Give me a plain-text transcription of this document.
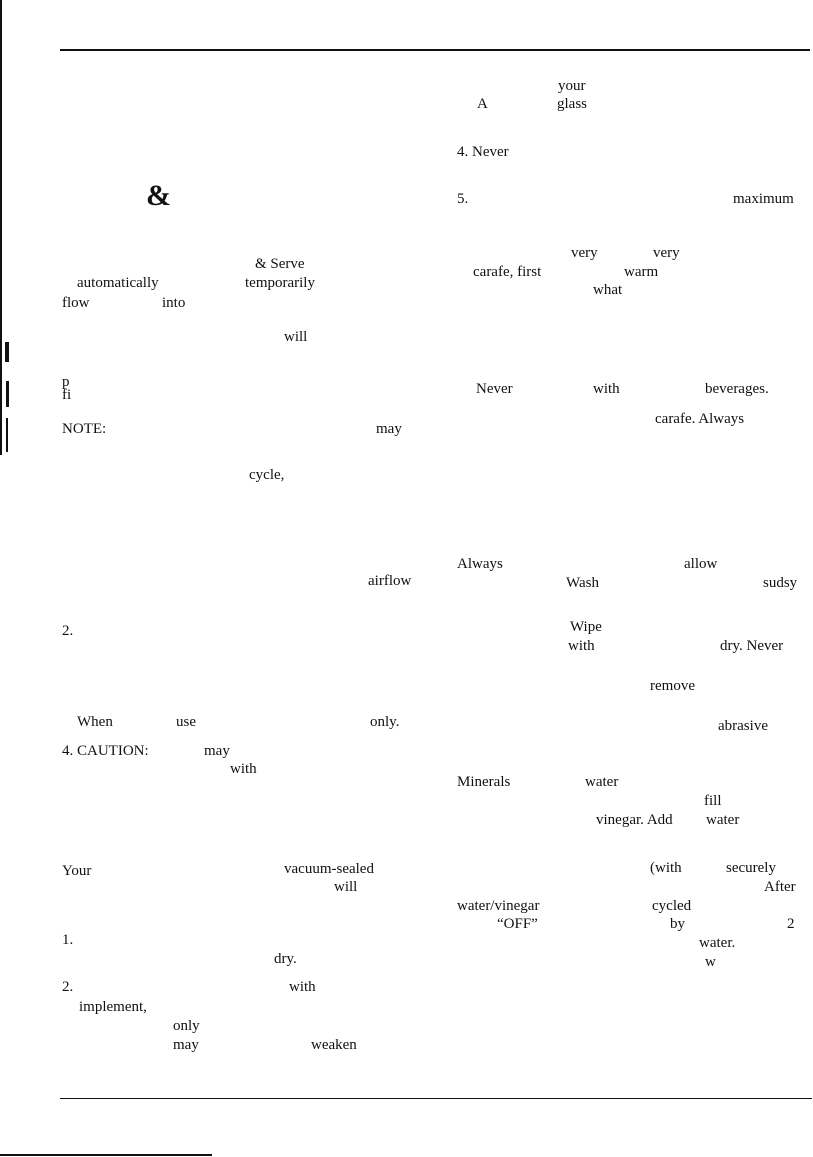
&
& Serve
automatically	temporarily
flow	into
will
p
fi
NOTE:	may
cycle,
airflow
2.
When	use	only.
4. CAUTION:	may
with
Your	vacuum-sealed
will
1.
dry.
2.	with
implement,
only
may	weaken
your
A	glass
4. Never
5.	maximum
very	very
carafe, first	warm
what
Never	with	beverages.
carafe. Always
Always	allow
Wash	sudsy
Wipe
with	dry. Never
remove
abrasive
Minerals	water
fill
vinegar. Add water
(with	securely
After
water/vinegar	cycled
“OFF”	by	2
water.
w
